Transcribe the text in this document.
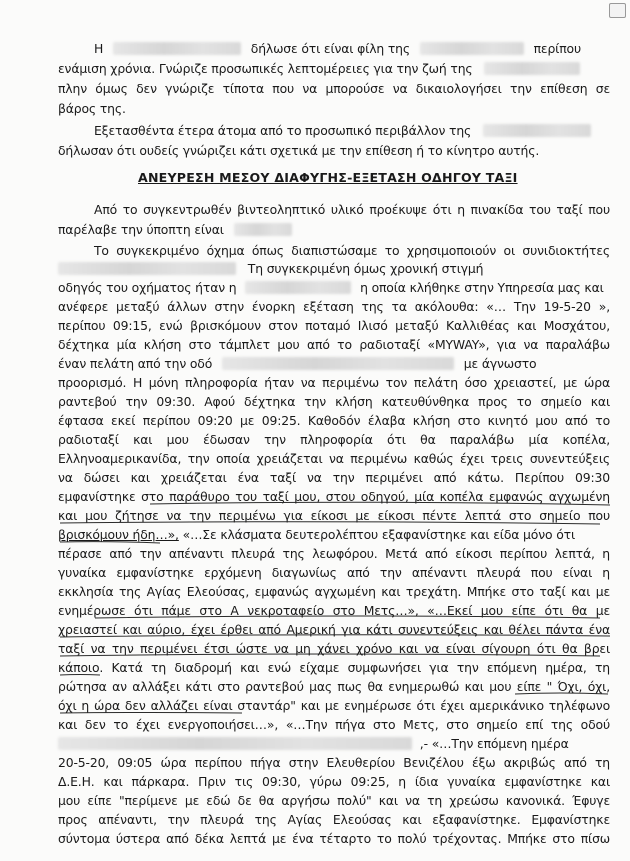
Η	δήλωσε ότι είναι φίλη της	περίπου
ενάμιση χρόνια. Γνώριζε προσωπικές λεπτομέρειες για την ζωή της
πλην όμως δεν γνώριζε τίποτα που να μπορούσε να δικαιολογήσει την επίθεση σε
βάρος της.
Εξετασθέντα έτερα άτομα από το προσωπικό περιβάλλον της
δήλωσαν ότι ουδείς γνώριζει κάτι σχετικά με την επίθεση ή το κίνητρο αυτής.
ΑΝΕΥΡΕΣΗ ΜΕΣΟΥ ΔΙΑΦΥΓΗΣ-ΕΞΕΤΑΣΗ ΟΔΗΓΟΥ ΤΑΞΙ
Από το συγκεντρωθέν βιντεοληπτικό υλικό προέκυψε ότι η πινακίδα του ταξί που
παρέλαβε την ύποπτη είναι
Το συγκεκριμένο όχημα όπως διαπιστώσαμε το χρησιμοποιούν οι συνιδιοκτήτες
Τη συγκεκριμένη όμως χρονική στιγμή
οδηγός του οχήματος ήταν η	η οποία κλήθηκε στην Υπηρεσία μας και
ανέφερε μεταξύ άλλων στην ένορκη εξέταση της τα ακόλουθα: «… Την 19-5-20 »,
περίπου 09:15, ενώ βρισκόμουν στον ποταμό Ιλισό μεταξύ Καλλιθέας και Μοσχάτου,
δέχτηκα μία κλήση στο τάμπλετ μου από το ραδιοταξί «MYWAY», για να παραλάβω
έναν πελάτη από την οδό	με άγνωστο
προορισμό. Η μόνη πληροφορία ήταν να περιμένω τον πελάτη όσο χρειαστεί, με ώρα
ραντεβού την 09:30. Αφού δέχτηκα την κλήση κατευθύνθηκα προς το σημείο και
έφτασα εκεί περίπου 09:20 με 09:25. Καθοδόν έλαβα κλήση στο κινητό μου από το
ραδιοταξί και μου έδωσαν την πληροφορία ότι θα παραλάβω μία κοπέλα,
Ελληνοαμερικανίδα, την οποία χρειάζεται να περιμένω καθώς έχει τρεις συνεντεύξεις
να δώσει και χρειάζεται ένα ταξί να την περιμένει από κάτω. Περίπου 09:30
εμφανίστηκε στο παράθυρο του ταξί μου, στου οδηγού, μία κοπέλα εμφανώς αγχωμένη
και μου ζήτησε να την περιμένω για είκοσι με είκοσι πέντε λεπτά στο σημείο που
βρισκόμουν ήδη…», «…Σε κλάσματα δευτερολέπτου εξαφανίστηκε και είδα μόνο ότι
πέρασε από την απέναντι πλευρά της λεωφόρου. Μετά από είκοσι περίπου λεπτά, η
γυναίκα εμφανίστηκε ερχόμενη διαγωνίως από την απέναντι πλευρά που είναι η
εκκλησία της Αγίας Ελεούσας, εμφανώς αγχωμένη και τρεχάτη. Μπήκε στο ταξί και με
ενημέρωσε ότι πάμε στο Α νεκροταφείο στο Μετς…», «…Εκεί μου είπε ότι θα με
χρειαστεί και αύριο, έχει έρθει από Αμερική για κάτι συνεντεύξεις και θέλει πάντα ένα
ταξί να την περιμένει έτσι ώστε να μη χάνει χρόνο και να είναι σίγουρη ότι θα βρει
κάποιο. Κατά τη διαδρομή και ενώ είχαμε συμφωνήσει για την επόμενη ημέρα, τη
ρώτησα αν αλλάξει κάτι στο ραντεβού μας πως θα ενημερωθώ και μου είπε " Όχι, όχι,
όχι η ώρα δεν αλλάζει είναι σταντάρ" και με ενημέρωσε ότι έχει αμερικάνικο τηλέφωνο
και δεν το έχει ενεργοποιήσει…», «…Την πήγα στο Μετς, στο σημείο επί της οδού
,- «…Την επόμενη ημέρα
20-5-20, 09:05 ώρα περίπου πήγα στην Ελευθερίου Βενιζέλου έξω ακριβώς από τη
Δ.Ε.Η. και πάρκαρα. Πριν τις 09:30, γύρω 09:25, η ίδια γυναίκα εμφανίστηκε και
μου είπε "περίμενε με εδώ δε θα αργήσω πολύ" και να τη χρεώσω κανονικά. Έφυγε
προς απέναντι, την πλευρά της Αγίας Ελεούσας και εξαφανίστηκε. Εμφανίστηκε
σύντομα ύστερα από δέκα λεπτά με ένα τέταρτο το πολύ τρέχοντας. Μπήκε στο πίσω
